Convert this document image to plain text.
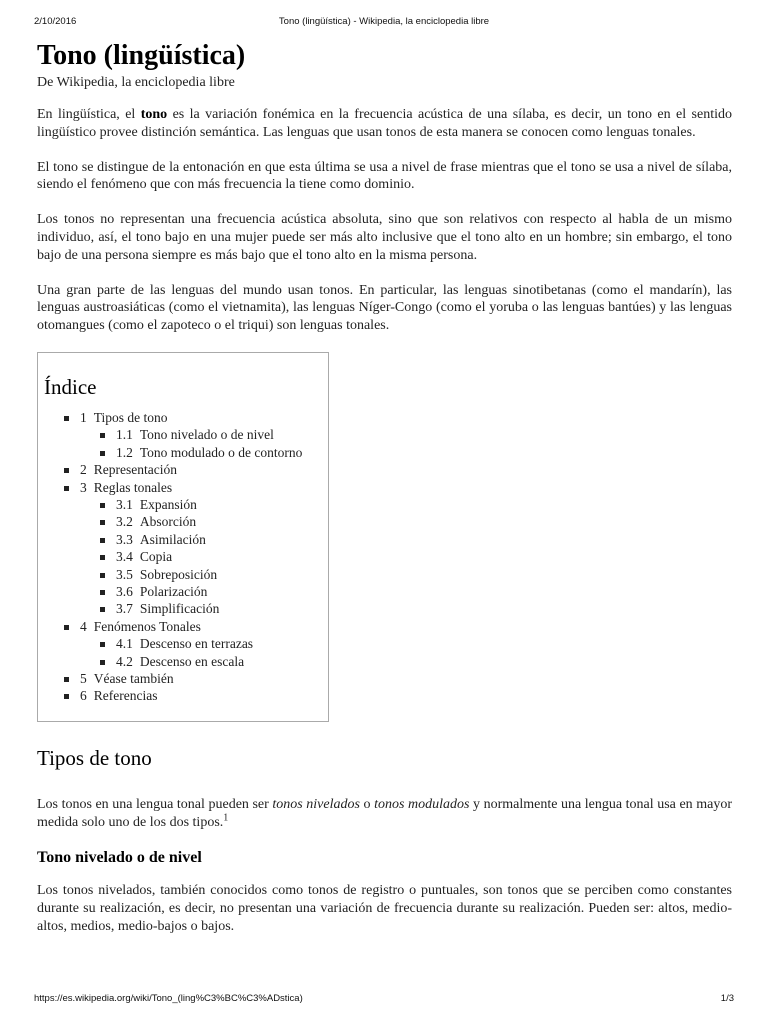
2/10/2016	Tono (lingüística) - Wikipedia, la enciclopedia libre
Tono (lingüística)
De Wikipedia, la enciclopedia libre

En lingüística, el tono es la variación fonémica en la frecuencia acústica de una sílaba, es decir, un tono en el sentido lingüístico provee distinción semántica. Las lenguas que usan tonos de esta manera se conocen como lenguas tonales.

El tono se distingue de la entonación en que esta última se usa a nivel de frase mientras que el tono se usa a nivel de sílaba, siendo el fenómeno que con más frecuencia la tiene como dominio.

Los tonos no representan una frecuencia acústica absoluta, sino que son relativos con respecto al habla de un mismo individuo, así, el tono bajo en una mujer puede ser más alto inclusive que el tono alto en un hombre; sin embargo, el tono bajo de una persona siempre es más bajo que el tono alto en la misma persona.

Una gran parte de las lenguas del mundo usan tonos. En particular, las lenguas sinotibetanas (como el mandarín), las lenguas austroasiáticas (como el vietnamita), las lenguas Níger-Congo (como el yoruba o las lenguas bantúes) y las lenguas otomangues (como el zapoteco o el triqui) son lenguas tonales.

Índice
1 Tipos de tono
1.1 Tono nivelado o de nivel
1.2 Tono modulado o de contorno
2 Representación
3 Reglas tonales
3.1 Expansión
3.2 Absorción
3.3 Asimilación
3.4 Copia
3.5 Sobreposición
3.6 Polarización
3.7 Simplificación
4 Fenómenos Tonales
4.1 Descenso en terrazas
4.2 Descenso en escala
5 Véase también
6 Referencias
Tipos de tono

Los tonos en una lengua tonal pueden ser tonos nivelados o tonos modulados y normalmente una lengua tonal usa en mayor medida solo uno de los dos tipos.$^1$

Tono nivelado o de nivel

Los tonos nivelados, también conocidos como tonos de registro o puntuales, son tonos que se perciben como constantes durante su realización, es decir, no presentan una variación de frecuencia durante su realización. Pueden ser: altos, medio-altos, medios, medio-bajos o bajos.

https://es.wikipedia.org/wiki/Tono_(ling%C3%BC%C3%ADstica)	1/3
